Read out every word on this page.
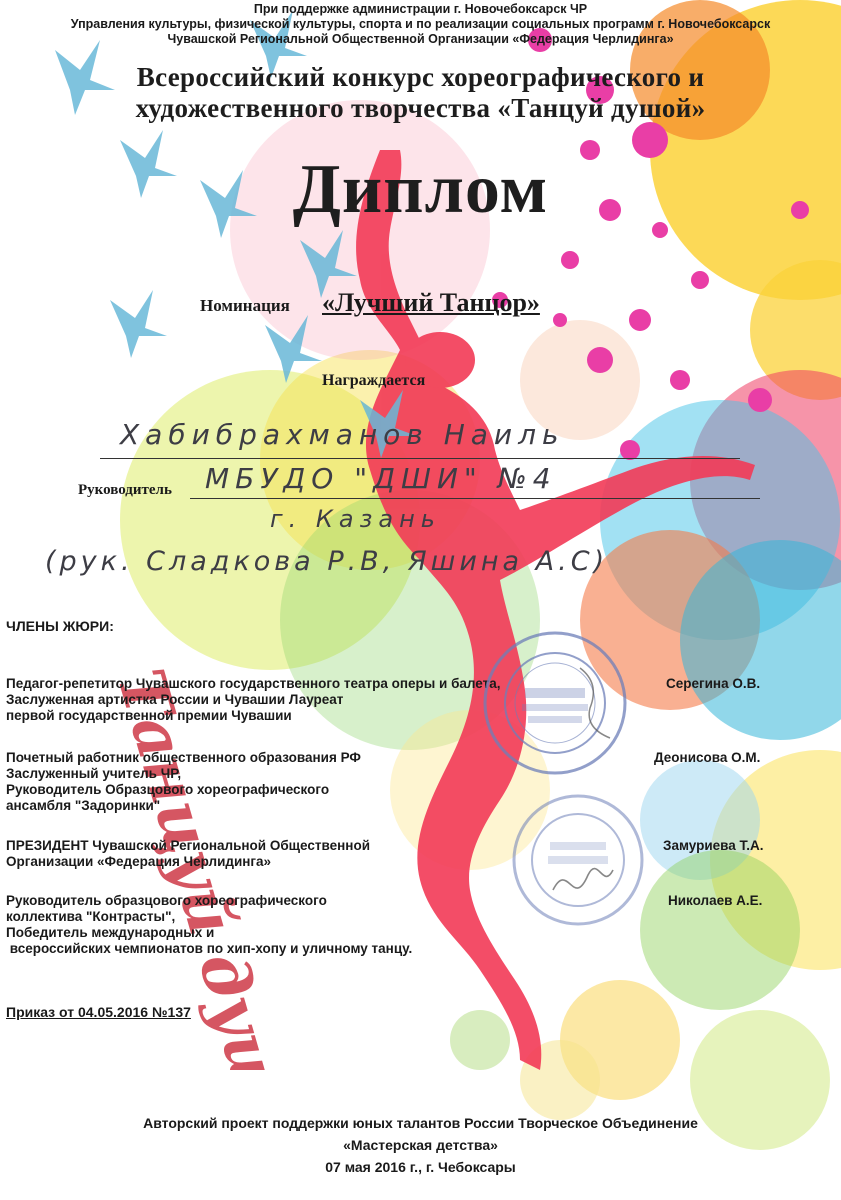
При поддержке администрации г. Новочебоксарск ЧР
Управления культуры, физической культуры, спорта и по реализации социальных программ г. Новочебоксарск
Чувашской Региональной Общественной Организации «Федерация Черлидинга»
Всероссийский конкурс хореографического и
художественного творчества «Танцуй душой»
Диплом
Номинация «Лучший Танцор»
Награждается
Хабибрахманов Наиль
Руководитель МБУДО "ДШИ" №4
г. Казань
(рук. Сладкова Р.В, Яшина А.С)
ЧЛЕНЫ ЖЮРИ:
Педагог-репетитор Чувашского государственного театра оперы и балета,
Заслуженная артистка России и Чувашии Лауреат
первой государственной премии Чувашии
Серегина О.В.
Почетный работник общественного образования РФ
Заслуженный учитель ЧР,
Руководитель Образцового хореографического
ансамбля "Задоринки"
Деонисова О.М.
ПРЕЗИДЕНТ Чувашской Региональной Общественной
Организации «Федерация Черлидинга»
Замуриева Т.А.
Руководитель образцового хореографического
коллектива "Контрасты",
Победитель международных и
всероссийских чемпионатов по хип-хопу и уличному танцу.
Николаев А.Е.
Приказ от 04.05.2016 №137
Танцуй душой
Авторский проект поддержки юных талантов России Творческое Объединение
«Мастерская детства»
07 мая 2016 г., г. Чебоксары
